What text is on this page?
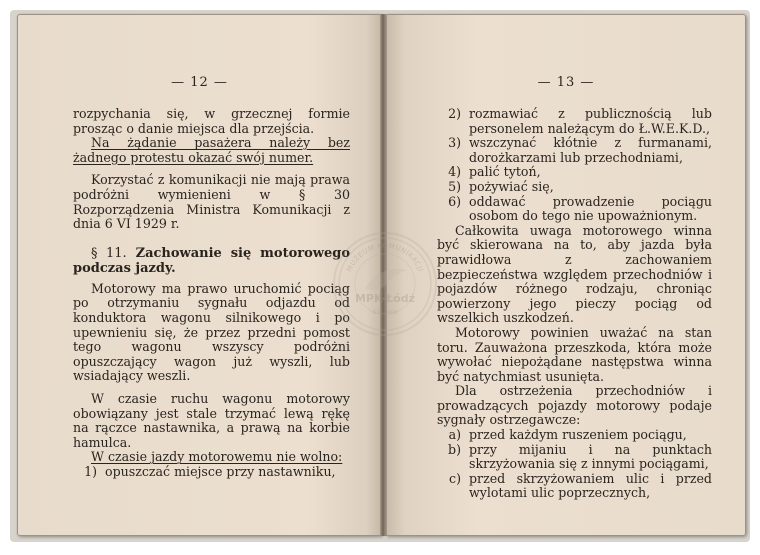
— 12 —

rozpychania się, w grzecznej formie prosząc o danie miejsca dla przejścia.

Na żądanie pasażera należy bez żadnego protestu okazać swój numer.

Korzystać z komunikacji nie mają prawa podróżni wymienieni w § 30 Rozporządzenia Ministra Komunikacji z dnia 6 VI 1929 r.

§ 11. Zachowanie się motorowego podczas jazdy.

Motorowy ma prawo uruchomić pociąg po otrzymaniu sygnału odjazdu od konduktora wagonu silnikowego i po upewnieniu się, że przez przedni pomost tego wagonu wszyscy podróżni opuszczający wagon już wyszli, lub wsiadający weszli.

W czasie ruchu wagonu motorowy obowiązany jest stale trzymać lewą rękę na rączce nastawnika, a prawą na korbie hamulca.

W czasie jazdy motorowemu nie wolno:

1) opuszczać miejsce przy nastawniku,
— 13 —
2) rozmawiać z publicznością lub personelem należącym do Ł.W.E.K.D.,
3) wszczynać kłótnie z furmanami, dorożkarzami lub przechodniami,
4) palić tytoń,
5) pożywiać się,
6) oddawać prowadzenie pociągu osobom do tego nie upoważnionym.

Całkowita uwaga motorowego winna być skierowana na to, aby jazda była prawidłowa z zachowaniem bezpieczeństwa względem przechodniów i pojazdów różnego rodzaju, chroniąc powierzony jego pieczy pociąg od wszelkich uszkodzeń.

Motorowy powinien uważać na stan toru. Zauważona przeszkoda, która może wywołać niepożądane następstwa winna być natychmiast usunięta.

Dla ostrzeżenia przechodniów i prowadzących pojazdy motorowy podaje sygnały ostrzegawcze:

a) przed każdym ruszeniem pociągu,
b) przy mijaniu i na punktach skrzyżowania się z innymi pociągami,
c) przed skrzyżowaniem ulic i przed wylotami ulic poprzecznych,
MUZEUM KOMUNIKACJI
MPK-Łódź
A.D. 2008
